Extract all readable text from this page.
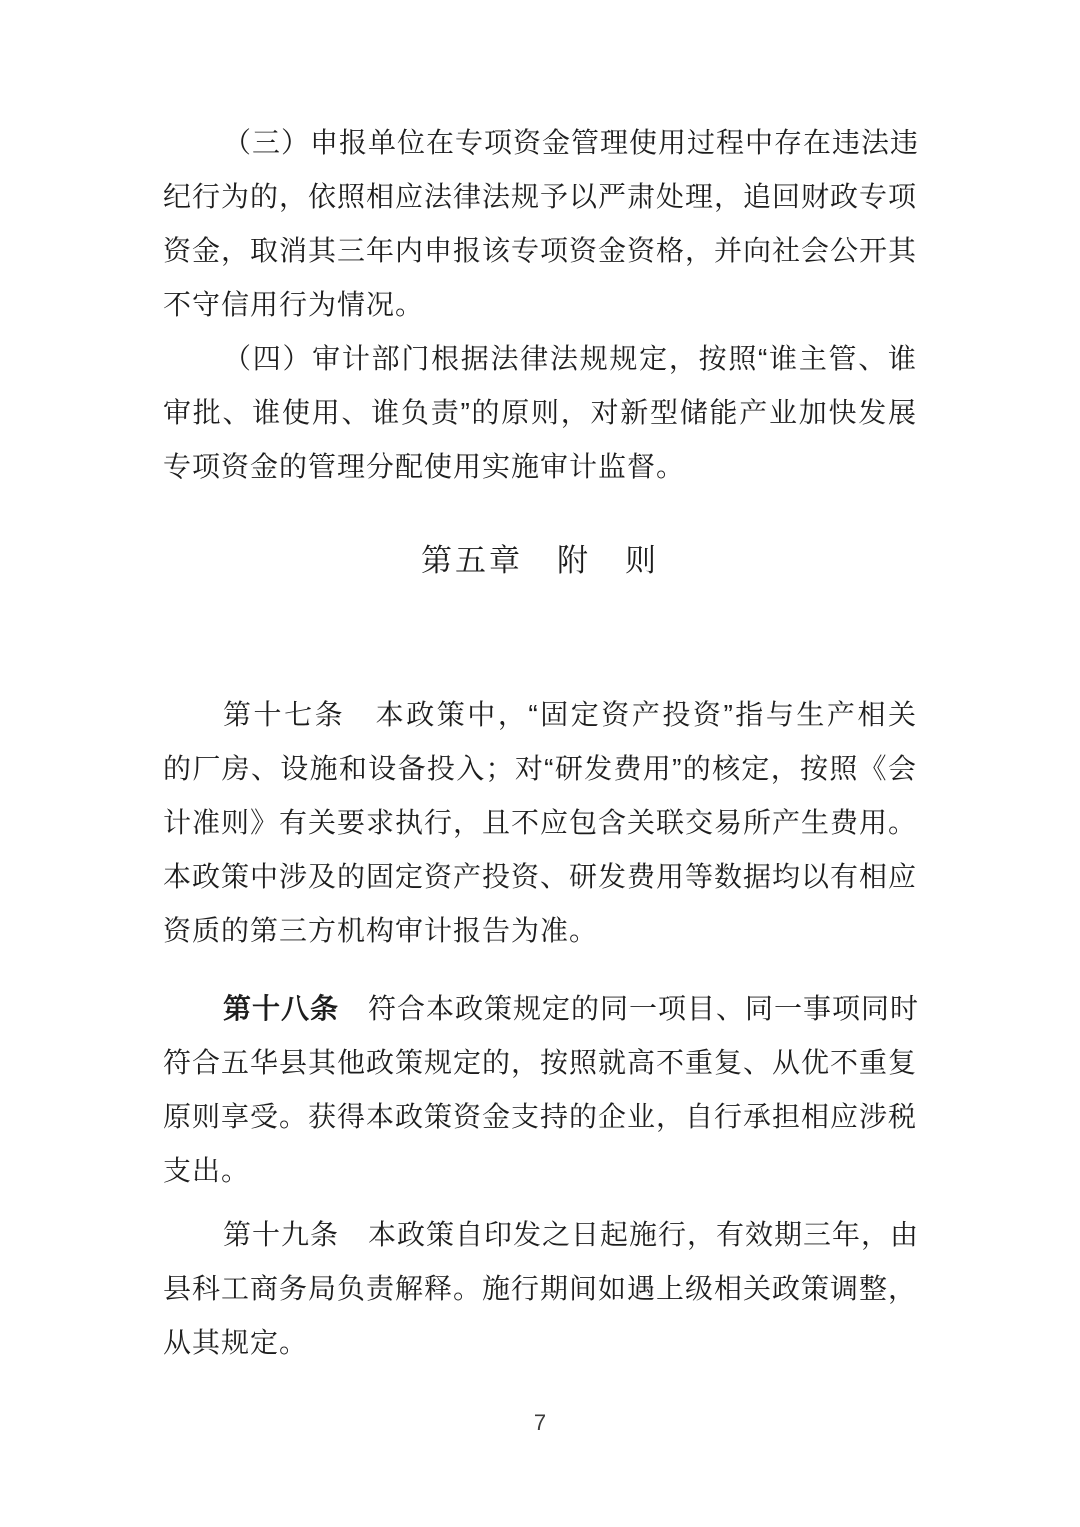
（三）申报单位在专项资金管理使用过程中存在违法违
纪行为的，依照相应法律法规予以严肃处理，追回财政专项
资金，取消其三年内申报该专项资金资格，并向社会公开其
不守信用行为情况。
（四）审计部门根据法律法规规定，按照“谁主管、谁
审批、谁使用、谁负责”的原则，对新型储能产业加快发展
专项资金的管理分配使用实施审计监督。
第五章　附　则
第十七条　本政策中，“固定资产投资”指与生产相关
的厂房、设施和设备投入；对“研发费用”的核定，按照《会
计准则》有关要求执行，且不应包含关联交易所产生费用。
本政策中涉及的固定资产投资、研发费用等数据均以有相应
资质的第三方机构审计报告为准。
第十八条　符合本政策规定的同一项目、同一事项同时
符合五华县其他政策规定的，按照就高不重复、从优不重复
原则享受。获得本政策资金支持的企业，自行承担相应涉税
支出。
第十九条　本政策自印发之日起施行，有效期三年，由
县科工商务局负责解释。施行期间如遇上级相关政策调整，
从其规定。
7
